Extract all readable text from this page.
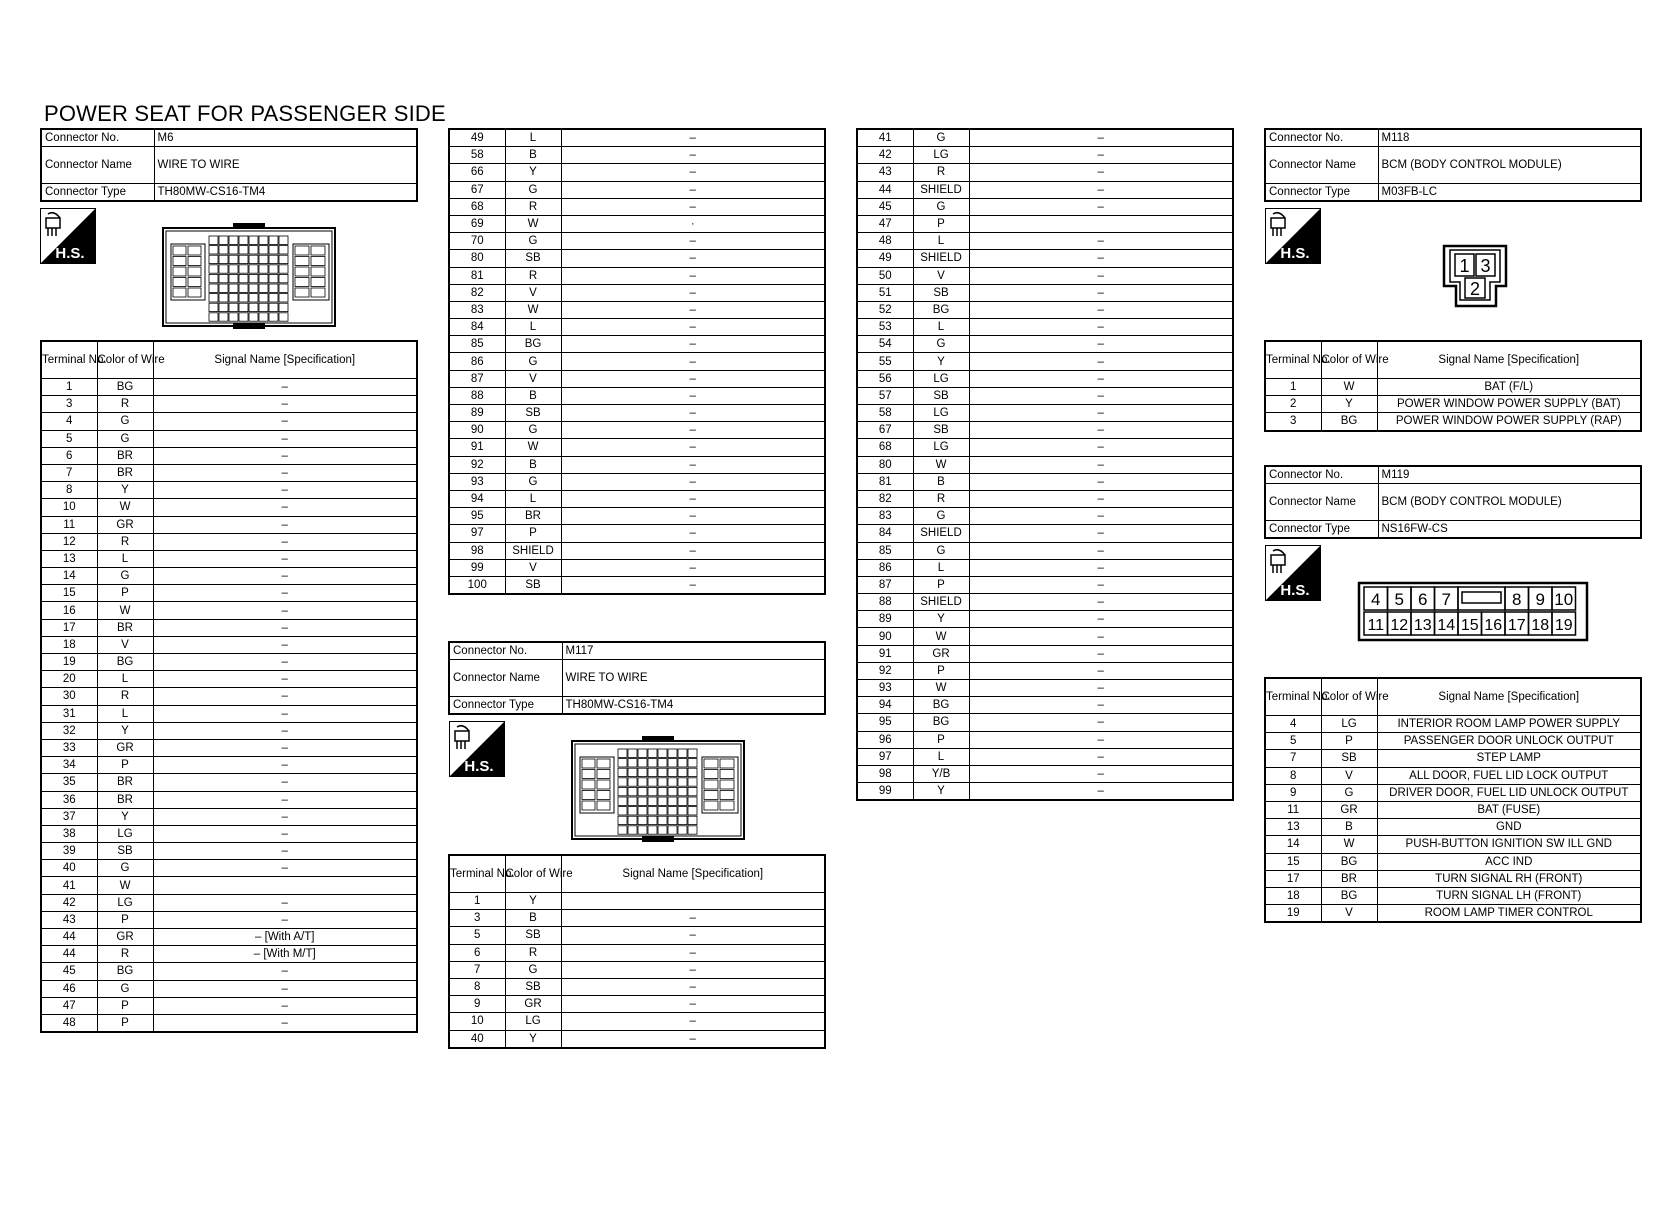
POWER SEAT FOR PASSENGER SIDE
Connector No.	M6
Connector Name	WIRE TO WIRE
Connector Type	TH80MW-CS16-TM4
H.S.
Terminal No.	Color of Wire	Signal Name [Specification]
1	BG	–
3	R	–
4	G	–
5	G	–
6	BR	–
7	BR	–
8	Y	–
10	W	–
11	GR	–
12	R	–
13	L	–
14	G	–
15	P	–
16	W	–
17	BR	–
18	V	–
19	BG	–
20	L	–
30	R	–
31	L	–
32	Y	–
33	GR	–
34	P	–
35	BR	–
36	BR	–
37	Y	–
38	LG	–
39	SB	–
40	G	–
41	W	
42	LG	–
43	P	–
44	GR	– [With A/T]
44	R	– [With M/T]
45	BG	–
46	G	–
47	P	–
48	P	–
49	L	–
58	B	–
66	Y	–
67	G	–
68	R	–
69	W	·
70	G	–
80	SB	–
81	R	–
82	V	–
83	W	–
84	L	–
85	BG	–
86	G	–
87	V	–
88	B	–
89	SB	–
90	G	–
91	W	–
92	B	–
93	G	–
94	L	–
95	BR	–
97	P	–
98	SHIELD	–
99	V	–
100	SB	–
Connector No.	M117
Connector Name	WIRE TO WIRE
Connector Type	TH80MW-CS16-TM4
H.S.
Terminal No.	Color of Wire	Signal Name [Specification]
1	Y	
3	B	–
5	SB	–
6	R	–
7	G	–
8	SB	–
9	GR	–
10	LG	–
40	Y	–
41	G	–
42	LG	–
43	R	–
44	SHIELD	–
45	G	–
47	P	
48	L	–
49	SHIELD	–
50	V	–
51	SB	–
52	BG	–
53	L	–
54	G	–
55	Y	–
56	LG	–
57	SB	–
58	LG	–
67	SB	–
68	LG	–
80	W	–
81	B	–
82	R	–
83	G	–
84	SHIELD	–
85	G	–
86	L	–
87	P	–
88	SHIELD	–
89	Y	–
90	W	–
91	GR	–
92	P	–
93	W	–
94	BG	–
95	BG	–
96	P	–
97	L	–
98	Y/B	–
99	Y	–
Connector No.	M118
Connector Name	BCM (BODY CONTROL MODULE)
Connector Type	M03FB-LC
H.S.
1 3
2
Terminal No.	Color of Wire	Signal Name [Specification]
1	W	BAT (F/L)
2	Y	POWER WINDOW POWER SUPPLY (BAT)
3	BG	POWER WINDOW POWER SUPPLY (RAP)
Connector No.	M119
Connector Name	BCM (BODY CONTROL MODULE)
Connector Type	NS16FW-CS
H.S.	4 5 6 7	8 9 10
11 12 13 14 15 16 17 18 19
Terminal No.	Color of Wire	Signal Name [Specification]
4	LG	INTERIOR ROOM LAMP POWER SUPPLY
5	P	PASSENGER DOOR UNLOCK OUTPUT
7	SB	STEP LAMP
8	V	ALL DOOR, FUEL LID LOCK OUTPUT
9	G	DRIVER DOOR, FUEL LID UNLOCK OUTPUT
11	GR	BAT (FUSE)
13	B	GND
14	W	PUSH-BUTTON IGNITION SW ILL GND
15	BG	ACC IND
17	BR	TURN SIGNAL RH (FRONT)
18	BG	TURN SIGNAL LH (FRONT)
19	V	ROOM LAMP TIMER CONTROL
